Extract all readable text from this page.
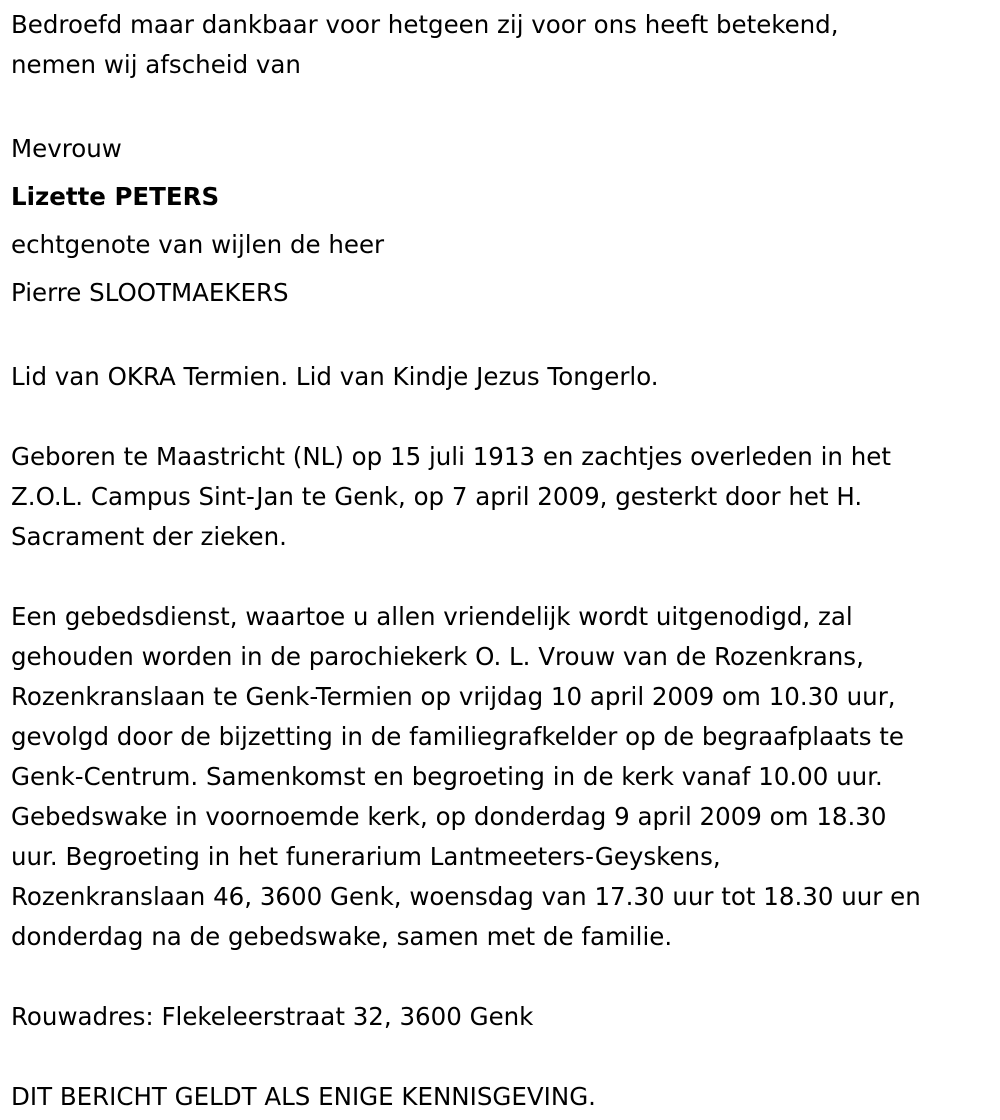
Bedroefd maar dankbaar voor hetgeen zij voor ons heeft betekend,
nemen wij afscheid van
Mevrouw
Lizette PETERS
echtgenote van wijlen de heer
Pierre SLOOTMAEKERS
Lid van OKRA Termien. Lid van Kindje Jezus Tongerlo.
Geboren te Maastricht (NL) op 15 juli 1913 en zachtjes overleden in het
Z.O.L. Campus Sint-Jan te Genk, op 7 april 2009, gesterkt door het H.
Sacrament der zieken.
Een gebedsdienst, waartoe u allen vriendelijk wordt uitgenodigd, zal
gehouden worden in de parochiekerk O. L. Vrouw van de Rozenkrans,
Rozenkranslaan te Genk-Termien op vrijdag 10 april 2009 om 10.30 uur,
gevolgd door de bijzetting in de familiegrafkelder op de begraafplaats te
Genk-Centrum. Samenkomst en begroeting in de kerk vanaf 10.00 uur.
Gebedswake in voornoemde kerk, op donderdag 9 april 2009 om 18.30
uur. Begroeting in het funerarium Lantmeeters-Geyskens,
Rozenkranslaan 46, 3600 Genk, woensdag van 17.30 uur tot 18.30 uur en
donderdag na de gebedswake, samen met de familie.
Rouwadres: Flekeleerstraat 32, 3600 Genk
DIT BERICHT GELDT ALS ENIGE KENNISGEVING.
